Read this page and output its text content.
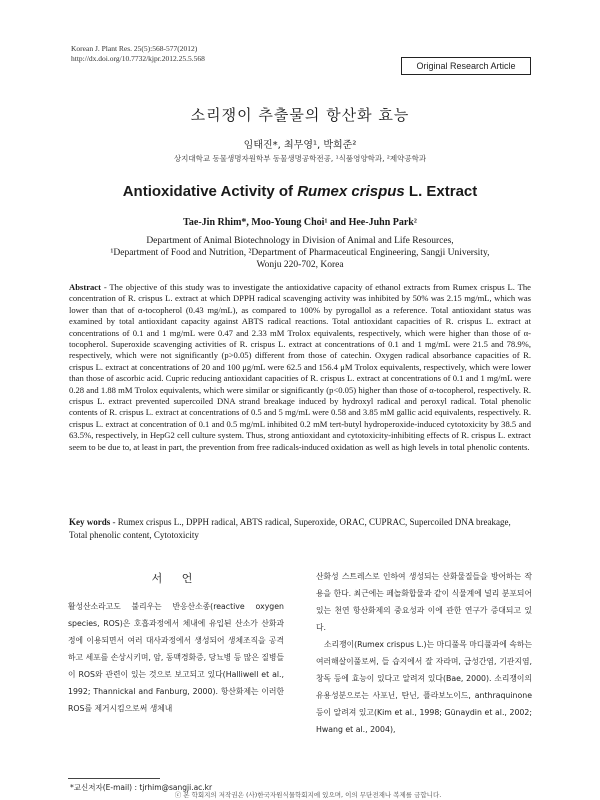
Korean J. Plant Res. 25(5):568-577(2012)
http://dx.doi.org/10.7732/kjpr.2012.25.5.568
Original Research Article
소리쟁이 추출물의 항산화 효능
임태진*, 최무영¹, 박희준²
상지대학교 동물생명자원학부 동물생명공학전공, ¹식품영양학과, ²제약공학과
Antioxidative Activity of Rumex crispus L. Extract
Tae-Jin Rhim*, Moo-Young Choi¹ and Hee-Juhn Park²
Department of Animal Biotechnology in Division of Animal and Life Resources,
¹Department of Food and Nutrition, ²Department of Pharmaceutical Engineering, Sangji University,
Wonju 220-702, Korea
Abstract - The objective of this study was to investigate the antioxidative capacity of ethanol extracts from Rumex crispus L. The concentration of R. crispus L. extract at which DPPH radical scavenging activity was inhibited by 50% was 2.15 mg/mL, which was lower than that of α-tocopherol (0.43 mg/mL), as compared to 100% by pyrogallol as a reference. Total antioxidant status was examined by total antioxidant capacity against ABTS radical reactions. Total antioxidant capacities of R. crispus L. extract at concentrations of 0.1 and 1 mg/mL were 0.47 and 2.33 mM Trolox equivalents, respectively, which were higher than those of α-tocopherol. Superoxide scavenging activities of R. crispus L. extract at concentrations of 0.1 and 1 mg/mL were 21.5 and 78.9%, respectively, which were not significantly (p>0.05) different from those of catechin. Oxygen radical absorbance capacities of R. crispus L. extract at concentrations of 20 and 100 μg/mL were 62.5 and 156.4 μM Trolox equivalents, respectively, which were lower than those of ascorbic acid. Cupric reducing antioxidant capacities of R. crispus L. extract at concentrations of 0.1 and 1 mg/mL were 0.28 and 1.88 mM Trolox equivalents, which were similar or significantly (p<0.05) higher than those of α-tocopherol, respectively. R. crispus L. extract prevented supercoiled DNA strand breakage induced by hydroxyl radical and peroxyl radical. Total phenolic contents of R. crispus L. extract at concentrations of 0.5 and 5 mg/mL were 0.58 and 3.85 mM gallic acid equivalents, respectively. R. crispus L. extract at concentration of 0.1 and 0.5 mg/mL inhibited 0.2 mM tert-butyl hydroperoxide-induced cytotoxicity by 38.5 and 63.5%, respectively, in HepG2 cell culture system. Thus, strong antioxidant and cytotoxicity-inhibiting effects of R. crispus L. extract seem to be due to, at least in part, the prevention from free radicals-induced oxidation as well as high levels in total phenolic contents.
Key words - Rumex crispus L., DPPH radical, ABTS radical, Superoxide, ORAC, CUPRAC, Supercoiled DNA breakage, Total phenolic content, Cytotoxicity
서 언
활성산소라고도 불리우는 반응산소종(reactive oxygen species, ROS)은 호흡과정에서 체내에 유입된 산소가 산화과정에 이용되면서 여러 대사과정에서 생성되어 생체조직을 공격하고 세포를 손상시키며, 암, 동맥경화증, 당뇨병 등 많은 질병들이 ROS와 관련이 있는 것으로 보고되고 있다(Halliwell et al., 1992; Thannickal and Fanburg, 2000). 항산화제는 이러한 ROS를 제거시킴으로써 생체내
산화성 스트레스로 인하여 생성되는 산화물질들을 방어하는 작용을 한다. 최근에는 페놀화합물과 같이 식물계에 널리 분포되어 있는 천연 항산화제의 중요성과 이에 관한 연구가 증대되고 있다.
소리쟁이(Rumex crispus L.)는 마디풀목 마디풀과에 속하는 여러해살이풀로써, 들 습지에서 잘 자라며, 급성간염, 기관지염, 창독 등에 효능이 있다고 알려져 있다(Bae, 2000). 소리쟁이의 유용성분으로는 사포닌, 탄닌, 플라보노이드, anthraquinone 등이 알려져 있고(Kim et al., 1998; Günaydin et al., 2002; Hwang et al., 2004),
*교신저자(E-mail) : tjrhim@sangji.ac.kr
ⓒ 본 학회지의 저작권은 (사)한국자원식물학회지에 있으며, 이의 무단전재나 복제를 금합니다.
